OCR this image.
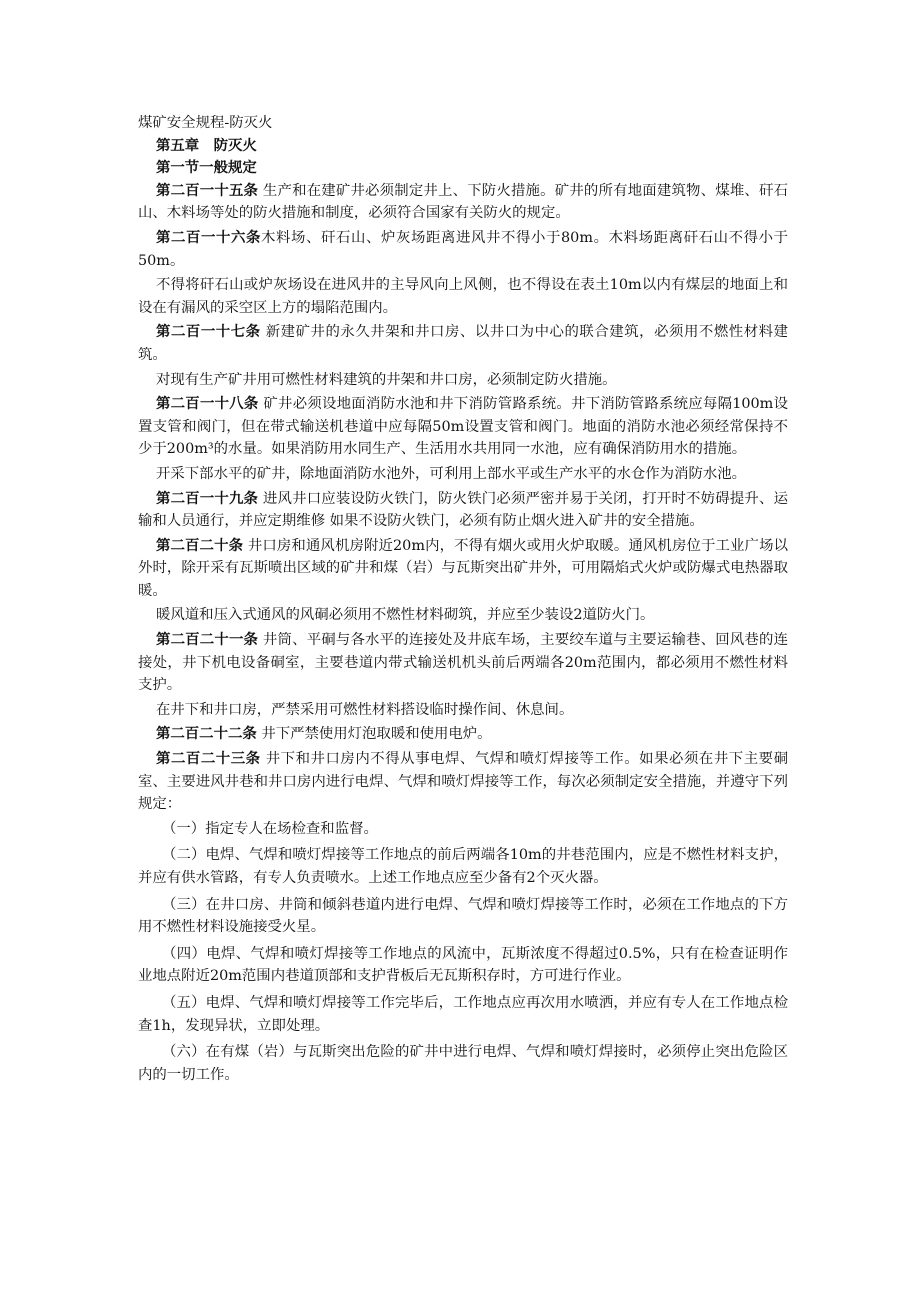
煤矿安全规程-防灭火

第五章　防灭火

第一节一般规定

第二百一十五条 生产和在建矿井必须制定井上、下防火措施。矿井的所有地面建筑物、煤堆、矸石山、木料场等处的防火措施和制度，必须符合国家有关防火的规定。

第二百一十六条木料场、矸石山、炉灰场距离进风井不得小于80m。木料场距离矸石山不得小于50m。

不得将矸石山或炉灰场设在进风井的主导风向上风侧，也不得设在表土10m以内有煤层的地面上和设在有漏风的采空区上方的塌陷范围内。

第二百一十七条 新建矿井的永久井架和井口房、以井口为中心的联合建筑，必须用不燃性材料建筑。

对现有生产矿井用可燃性材料建筑的井架和井口房，必须制定防火措施。

第二百一十八条 矿井必须设地面消防水池和井下消防管路系统。井下消防管路系统应每隔100m设置支管和阀门，但在带式输送机巷道中应每隔50m设置支管和阀门。地面的消防水池必须经常保持不少于200m³的水量。如果消防用水同生产、生活用水共用同一水池，应有确保消防用水的措施。

开采下部水平的矿井，除地面消防水池外，可利用上部水平或生产水平的水仓作为消防水池。

第二百一十九条 进风井口应装设防火铁门，防火铁门必须严密并易于关闭，打开时不妨碍提升、运输和人员通行，并应定期维修 如果不设防火铁门，必须有防止烟火进入矿井的安全措施。

第二百二十条 井口房和通风机房附近20m内，不得有烟火或用火炉取暖。通风机房位于工业广场以外时，除开采有瓦斯喷出区域的矿井和煤（岩）与瓦斯突出矿井外，可用隔焰式火炉或防爆式电热器取暖。

暖风道和压入式通风的风硐必须用不燃性材料砌筑，并应至少装设2道防火门。

第二百二十一条 井筒、平硐与各水平的连接处及井底车场，主要绞车道与主要运输巷、回风巷的连接处，井下机电设备硐室，主要巷道内带式输送机机头前后两端各20m范围内，都必须用不燃性材料支护。

在井下和井口房，严禁采用可燃性材料搭设临时操作间、休息间。

第二百二十二条 井下严禁使用灯泡取暖和使用电炉。

第二百二十三条 井下和井口房内不得从事电焊、气焊和喷灯焊接等工作。如果必须在井下主要硐室、主要进风井巷和井口房内进行电焊、气焊和喷灯焊接等工作，每次必须制定安全措施，并遵守下列规定：

（一）指定专人在场检查和监督。

（二）电焊、气焊和喷灯焊接等工作地点的前后两端各10m的井巷范围内，应是不燃性材料支护，并应有供水管路，有专人负责喷水。上述工作地点应至少备有2个灭火器。

（三）在井口房、井筒和倾斜巷道内进行电焊、气焊和喷灯焊接等工作时，必须在工作地点的下方用不燃性材料设施接受火星。

（四）电焊、气焊和喷灯焊接等工作地点的风流中，瓦斯浓度不得超过0.5%，只有在检查证明作业地点附近20m范围内巷道顶部和支护背板后无瓦斯积存时，方可进行作业。

（五）电焊、气焊和喷灯焊接等工作完毕后，工作地点应再次用水喷洒，并应有专人在工作地点检查1h，发现异状，立即处理。

（六）在有煤（岩）与瓦斯突出危险的矿井中进行电焊、气焊和喷灯焊接时，必须停止突出危险区内的一切工作。
